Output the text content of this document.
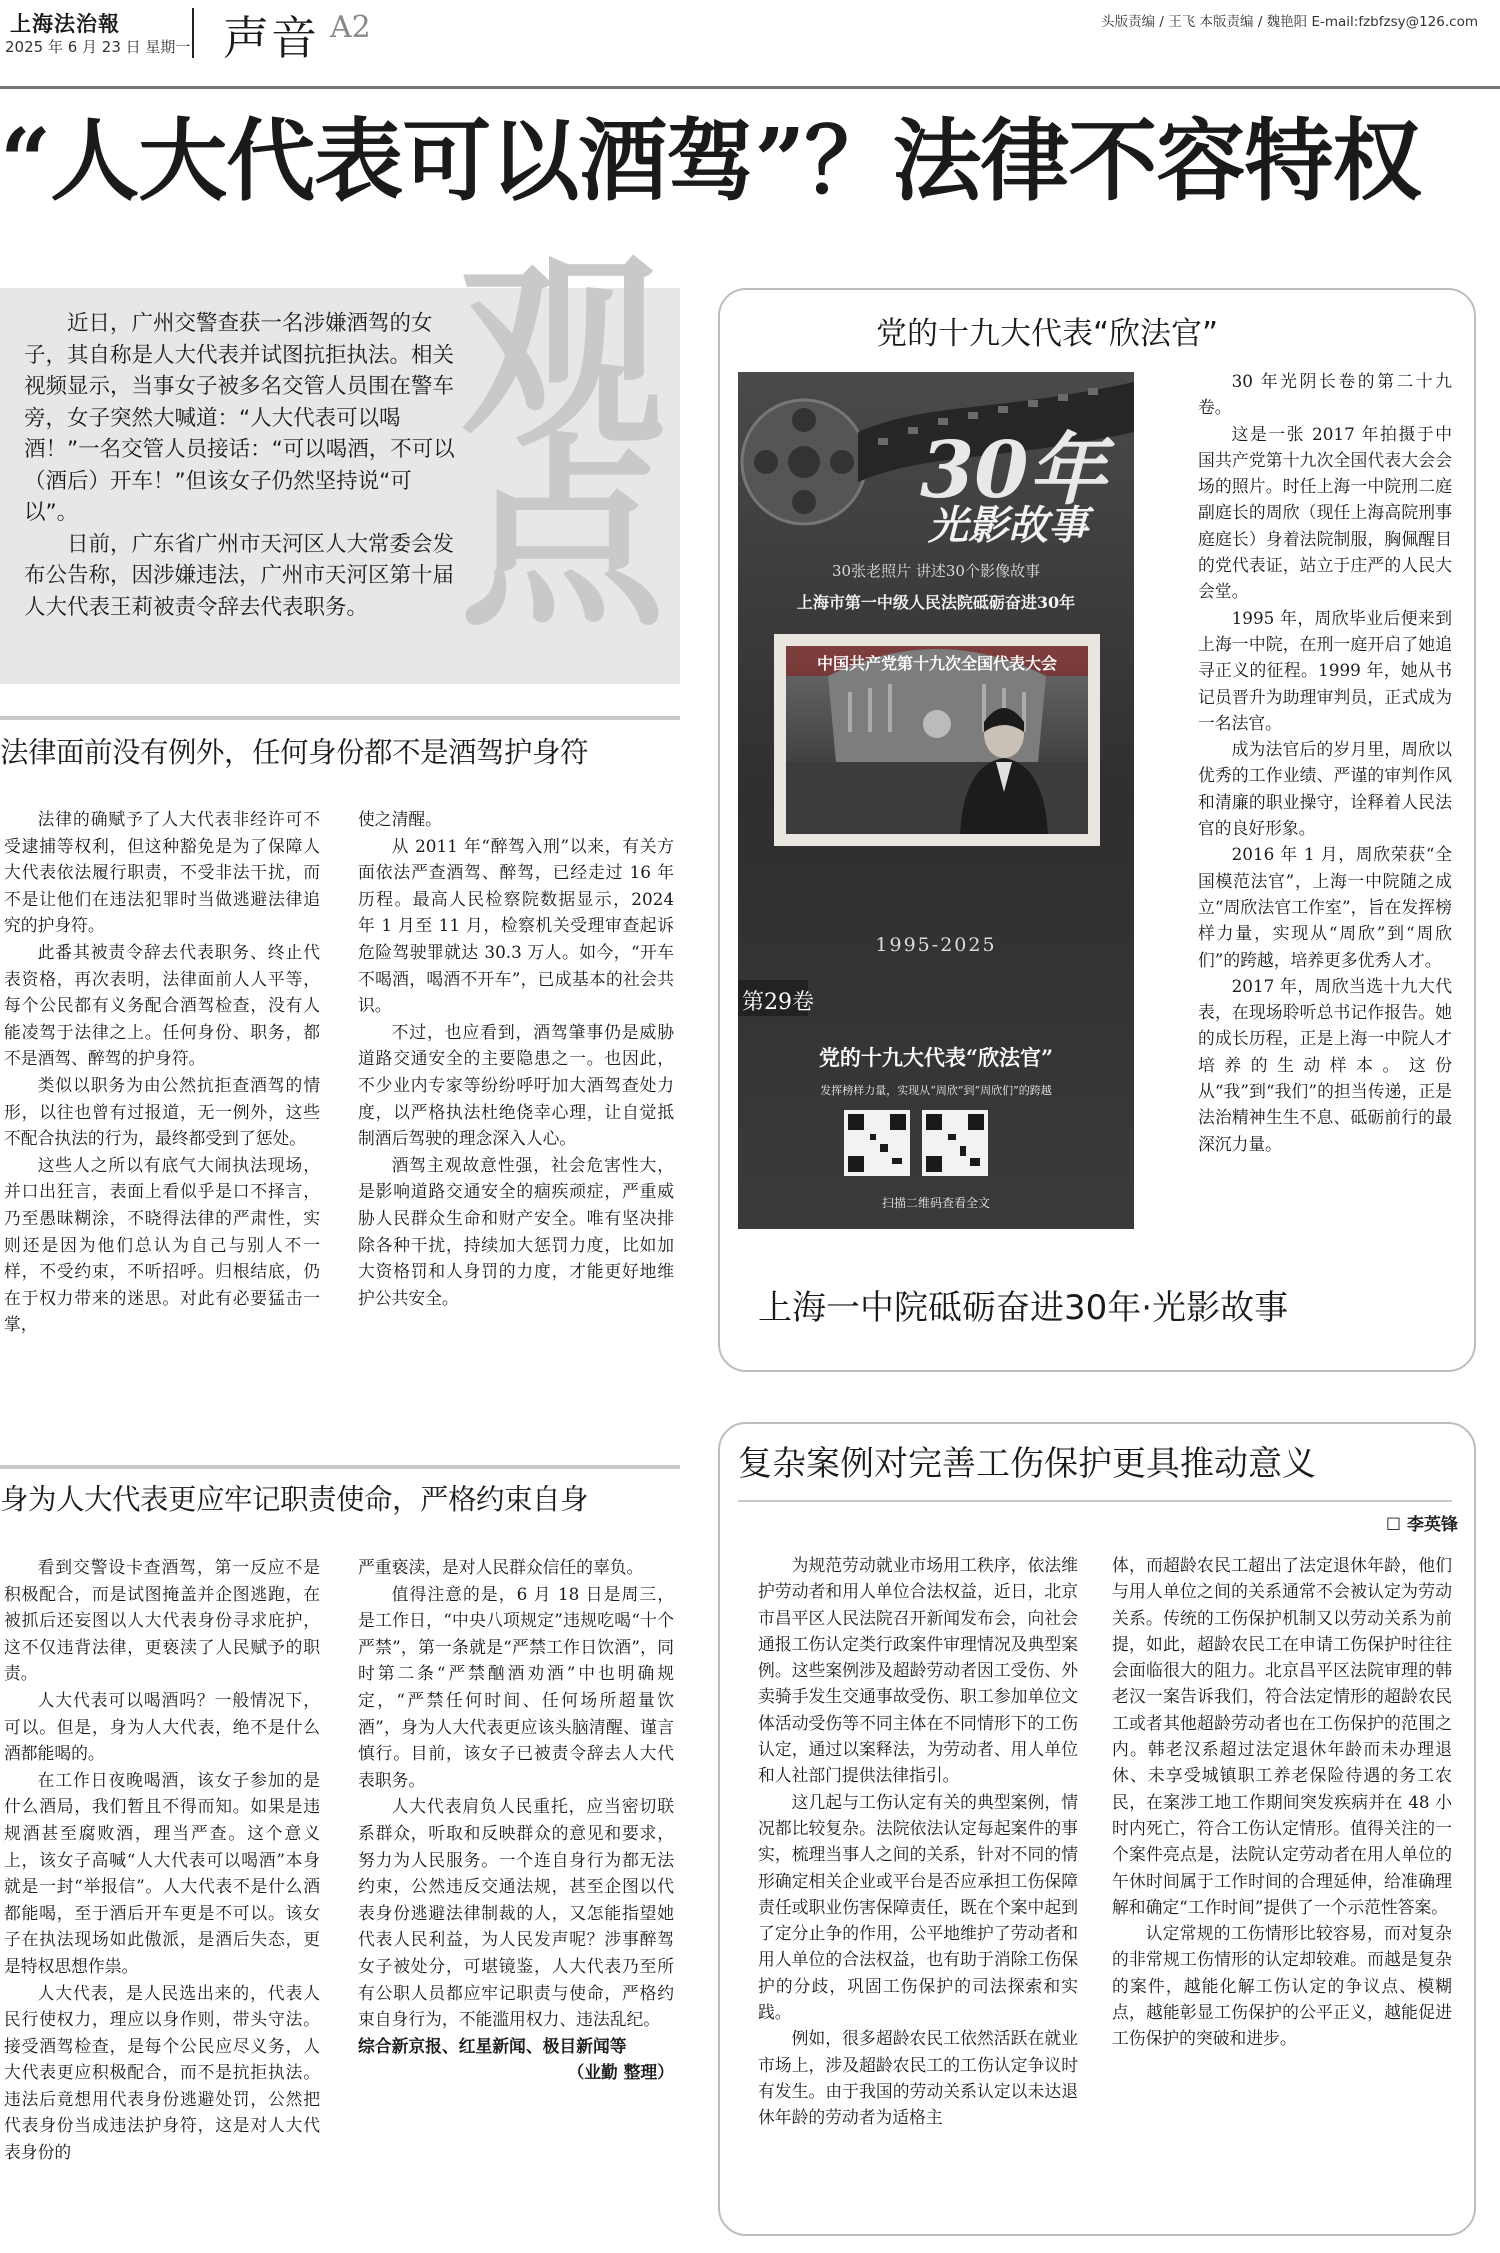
上海法治報
2025 年 6 月 23 日 星期一 声音 A2	头版责编 / 王飞 本版责编 / 魏艳阳 E-mail:fzbfzsy@126.com
“人大代表可以酒驾”？法律不容特权
观点

近日，广州交警查获一名涉嫌酒驾的女子，其自称是人大代表并试图抗拒执法。相关视频显示，当事女子被多名交管人员围在警车旁，女子突然大喊道：“人大代表可以喝酒！”一名交管人员接话：“可以喝酒，不可以（酒后）开车！”但该女子仍然坚持说“可以”。

日前，广东省广州市天河区人大常委会发布公告称，因涉嫌违法，广州市天河区第十届人大代表王莉被责令辞去代表职务。

法律面前没有例外，任何身份都不是酒驾护身符

法律的确赋予了人大代表非经许可不受逮捕等权利，但这种豁免是为了保障人大代表依法履行职责，不受非法干扰，而不是让他们在违法犯罪时当做逃避法律追究的护身符。

此番其被责令辞去代表职务、终止代表资格，再次表明，法律面前人人平等，每个公民都有义务配合酒驾检查，没有人能凌驾于法律之上。任何身份、职务，都不是酒驾、醉驾的护身符。

类似以职务为由公然抗拒查酒驾的情形，以往也曾有过报道，无一例外，这些不配合执法的行为，最终都受到了惩处。

这些人之所以有底气大闹执法现场，并口出狂言，表面上看似乎是口不择言，乃至愚昧糊涂，不晓得法律的严肃性，实则还是因为他们总认为自己与别人不一样，不受约束，不听招呼。归根结底，仍在于权力带来的迷思。对此有必要猛击一掌，

使之清醒。

从 2011 年“醉驾入刑”以来，有关方面依法严查酒驾、醉驾，已经走过 16 年历程。最高人民检察院数据显示，2024 年 1 月至 11 月，检察机关受理审查起诉危险驾驶罪就达 30.3 万人。如今，“开车不喝酒，喝酒不开车”，已成基本的社会共识。

不过，也应看到，酒驾肇事仍是威胁道路交通安全的主要隐患之一。也因此，不少业内专家等纷纷呼吁加大酒驾查处力度，以严格执法杜绝侥幸心理，让自觉抵制酒后驾驶的理念深入人心。

酒驾主观故意性强，社会危害性大，是影响道路交通安全的痼疾顽症，严重威胁人民群众生命和财产安全。唯有坚决排除各种干扰，持续加大惩罚力度，比如加大资格罚和人身罚的力度，才能更好地维护公共安全。

身为人大代表更应牢记职责使命，严格约束自身

看到交警设卡查酒驾，第一反应不是积极配合，而是试图掩盖并企图逃跑，在被抓后还妄图以人大代表身份寻求庇护，这不仅违背法律，更亵渎了人民赋予的职责。

人大代表可以喝酒吗？一般情况下，可以。但是，身为人大代表，绝不是什么酒都能喝的。

在工作日夜晚喝酒，该女子参加的是什么酒局，我们暂且不得而知。如果是违规酒甚至腐败酒，理当严查。这个意义上，该女子高喊“人大代表可以喝酒”本身就是一封“举报信”。人大代表不是什么酒都能喝，至于酒后开车更是不可以。该女子在执法现场如此傲派，是酒后失态，更是特权思想作祟。

人大代表，是人民选出来的，代表人民行使权力，理应以身作则，带头守法。接受酒驾检查，是每个公民应尽义务，人大代表更应积极配合，而不是抗拒执法。违法后竟想用代表身份逃避处罚，公然把代表身份当成违法护身符，这是对人大代表身份的

严重亵渎，是对人民群众信任的辜负。

值得注意的是，6 月 18 日是周三，是工作日，“中央八项规定”违规吃喝“十个严禁”，第一条就是“严禁工作日饮酒”，同时第二条“严禁酗酒劝酒”中也明确规定，“严禁任何时间、任何场所超量饮酒”，身为人大代表更应该头脑清醒、谨言慎行。目前，该女子已被责令辞去人大代表职务。

人大代表肩负人民重托，应当密切联系群众，听取和反映群众的意见和要求，努力为人民服务。一个连自身行为都无法约束，公然违反交通法规，甚至企图以代表身份逃避法律制裁的人，又怎能指望她代表人民利益，为人民发声呢？涉事醉驾女子被处分，可堪镜鉴，人大代表乃至所有公职人员都应牢记职责与使命，严格约束自身行为，不能滥用权力、违法乱纪。

综合新京报、红星新闻、极目新闻等
（业勤 整理）
党的十九大代表“欣法官”
30年
光影故事
30张老照片 讲述30个影像故事
上海市第一中级人民法院砥砺奋进30年
中国共产党第十九次全国代表大会
1995-2025
第29卷
党的十九大代表“欣法官”
发挥榜样力量，实现从“周欣”到“周欣们”的跨越
扫描二维码查看全文

30 年光阴长卷的第二十九卷。

这是一张 2017 年拍摄于中国共产党第十九次全国代表大会会场的照片。时任上海一中院刑二庭副庭长的周欣（现任上海高院刑事庭庭长）身着法院制服，胸佩醒目的党代表证，站立于庄严的人民大会堂。

1995 年，周欣毕业后便来到上海一中院，在刑一庭开启了她追寻正义的征程。1999 年，她从书记员晋升为助理审判员，正式成为一名法官。

成为法官后的岁月里，周欣以优秀的工作业绩、严谨的审判作风和清廉的职业操守，诠释着人民法官的良好形象。

2016 年 1 月，周欣荣获“全国模范法官”，上海一中院随之成立“周欣法官工作室”，旨在发挥榜样力量，实现从“周欣”到“周欣们”的跨越，培养更多优秀人才。

2017 年，周欣当选十九大代表，在现场聆听总书记作报告。她的成长历程，正是上海一中院人才培养的生动样本。这份从“我”到“我们”的担当传递，正是法治精神生生不息、砥砺前行的最深沉力量。

上海一中院砥砺奋进30年·光影故事
复杂案例对完善工伤保护更具推动意义
☐ 李英锋

为规范劳动就业市场用工秩序，依法维护劳动者和用人单位合法权益，近日，北京市昌平区人民法院召开新闻发布会，向社会通报工伤认定类行政案件审理情况及典型案例。这些案例涉及超龄劳动者因工受伤、外卖骑手发生交通事故受伤、职工参加单位文体活动受伤等不同主体在不同情形下的工伤认定，通过以案释法，为劳动者、用人单位和人社部门提供法律指引。

这几起与工伤认定有关的典型案例，情况都比较复杂。法院依法认定每起案件的事实，梳理当事人之间的关系，针对不同的情形确定相关企业或平台是否应承担工伤保障责任或职业伤害保障责任，既在个案中起到了定分止争的作用，公平地维护了劳动者和用人单位的合法权益，也有助于消除工伤保护的分歧，巩固工伤保护的司法探索和实践。

例如，很多超龄农民工依然活跃在就业市场上，涉及超龄农民工的工伤认定争议时有发生。由于我国的劳动关系认定以未达退休年龄的劳动者为适格主

体，而超龄农民工超出了法定退休年龄，他们与用人单位之间的关系通常不会被认定为劳动关系。传统的工伤保护机制又以劳动关系为前提，如此，超龄农民工在申请工伤保护时往往会面临很大的阻力。北京昌平区法院审理的韩老汉一案告诉我们，符合法定情形的超龄农民工或者其他超龄劳动者也在工伤保护的范围之内。韩老汉系超过法定退休年龄而未办理退休、未享受城镇职工养老保险待遇的务工农民，在案涉工地工作期间突发疾病并在 48 小时内死亡，符合工伤认定情形。值得关注的一个案件亮点是，法院认定劳动者在用人单位的午休时间属于工作时间的合理延伸，给准确理解和确定“工作时间”提供了一个示范性答案。

认定常规的工伤情形比较容易，而对复杂的非常规工伤情形的认定却较难。而越是复杂的案件，越能化解工伤认定的争议点、模糊点，越能彰显工伤保护的公平正义，越能促进工伤保护的突破和进步。
